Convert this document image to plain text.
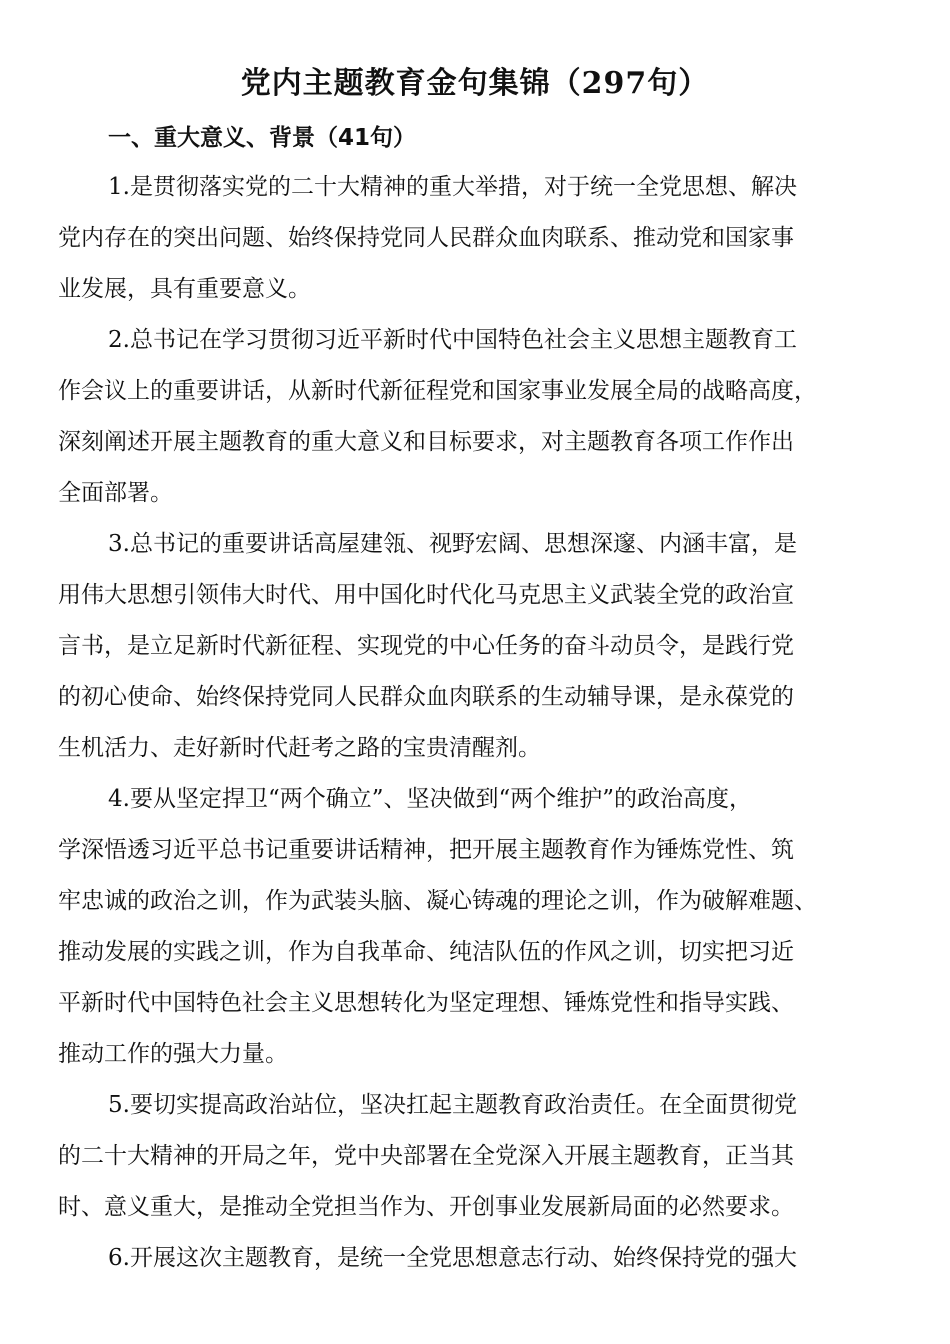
党内主题教育金句集锦（297句）
一、重大意义、背景（41句）

1.是贯彻落实党的二十大精神的重大举措，对于统一全党思想、解决
党内存在的突出问题、始终保持党同人民群众血肉联系、推动党和国家事
业发展，具有重要意义。

2.总书记在学习贯彻习近平新时代中国特色社会主义思想主题教育工
作会议上的重要讲话，从新时代新征程党和国家事业发展全局的战略高度，
深刻阐述开展主题教育的重大意义和目标要求，对主题教育各项工作作出
全面部署。

3.总书记的重要讲话高屋建瓴、视野宏阔、思想深邃、内涵丰富，是
用伟大思想引领伟大时代、用中国化时代化马克思主义武装全党的政治宣
言书，是立足新时代新征程、实现党的中心任务的奋斗动员令，是践行党
的初心使命、始终保持党同人民群众血肉联系的生动辅导课，是永葆党的
生机活力、走好新时代赶考之路的宝贵清醒剂。

4.要从坚定捍卫“两个确立”、坚决做到“两个维护”的政治高度，
学深悟透习近平总书记重要讲话精神，把开展主题教育作为锤炼党性、筑
牢忠诚的政治之训，作为武装头脑、凝心铸魂的理论之训，作为破解难题、
推动发展的实践之训，作为自我革命、纯洁队伍的作风之训，切实把习近
平新时代中国特色社会主义思想转化为坚定理想、锤炼党性和指导实践、
推动工作的强大力量。

5.要切实提高政治站位，坚决扛起主题教育政治责任。在全面贯彻党
的二十大精神的开局之年，党中央部署在全党深入开展主题教育，正当其
时、意义重大，是推动全党担当作为、开创事业发展新局面的必然要求。

6.开展这次主题教育，是统一全党思想意志行动、始终保持党的强大
